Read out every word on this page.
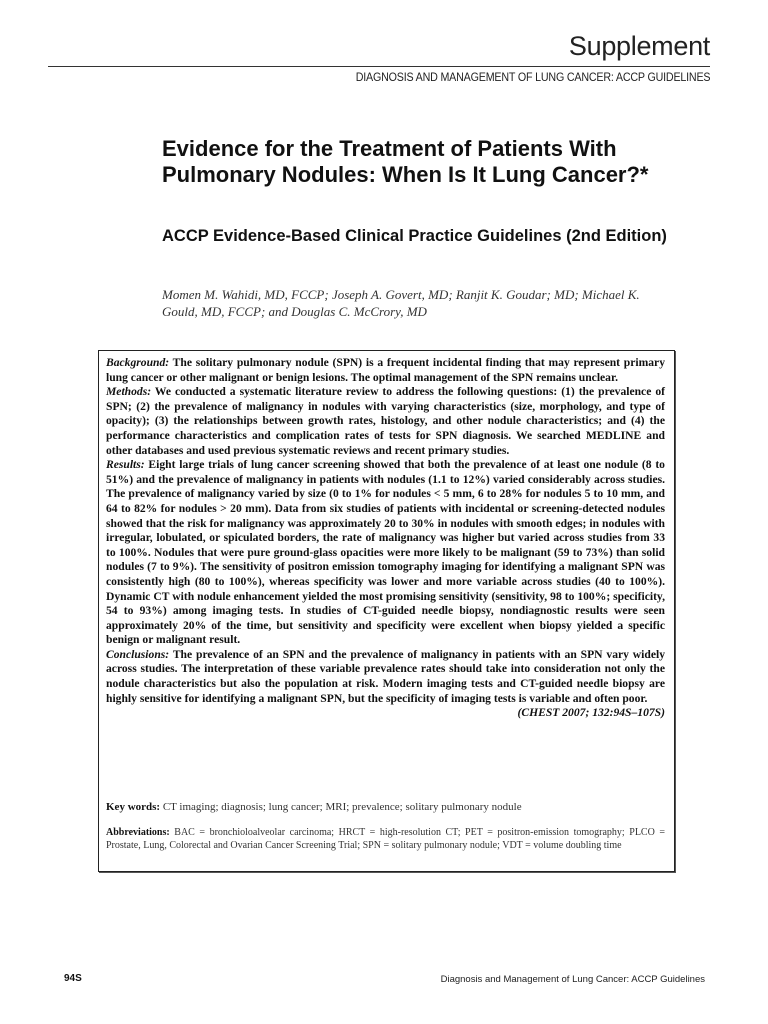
Supplement
DIAGNOSIS AND MANAGEMENT OF LUNG CANCER: ACCP GUIDELINES
Evidence for the Treatment of Patients With Pulmonary Nodules: When Is It Lung Cancer?*
ACCP Evidence-Based Clinical Practice Guidelines (2nd Edition)
Momen M. Wahidi, MD, FCCP; Joseph A. Govert, MD; Ranjit K. Goudar; MD; Michael K. Gould, MD, FCCP; and Douglas C. McCrory, MD

Background: The solitary pulmonary nodule (SPN) is a frequent incidental finding that may represent primary lung cancer or other malignant or benign lesions. The optimal management of the SPN remains unclear.

Methods: We conducted a systematic literature review to address the following questions: (1) the prevalence of SPN; (2) the prevalence of malignancy in nodules with varying characteristics (size, morphology, and type of opacity); (3) the relationships between growth rates, histology, and other nodule characteristics; and (4) the performance characteristics and complication rates of tests for SPN diagnosis. We searched MEDLINE and other databases and used previous systematic reviews and recent primary studies.

Results: Eight large trials of lung cancer screening showed that both the prevalence of at least one nodule (8 to 51%) and the prevalence of malignancy in patients with nodules (1.1 to 12%) varied considerably across studies. The prevalence of malignancy varied by size (0 to 1% for nodules < 5 mm, 6 to 28% for nodules 5 to 10 mm, and 64 to 82% for nodules > 20 mm). Data from six studies of patients with incidental or screening-detected nodules showed that the risk for malignancy was approximately 20 to 30% in nodules with smooth edges; in nodules with irregular, lobulated, or spiculated borders, the rate of malignancy was higher but varied across studies from 33 to 100%. Nodules that were pure ground-glass opacities were more likely to be malignant (59 to 73%) than solid nodules (7 to 9%). The sensitivity of positron emission tomography imaging for identifying a malignant SPN was consistently high (80 to 100%), whereas specificity was lower and more variable across studies (40 to 100%). Dynamic CT with nodule enhancement yielded the most promising sensitivity (sensitivity, 98 to 100%; specificity, 54 to 93%) among imaging tests. In studies of CT-guided needle biopsy, nondiagnostic results were seen approximately 20% of the time, but sensitivity and specificity were excellent when biopsy yielded a specific benign or malignant result.

Conclusions: The prevalence of an SPN and the prevalence of malignancy in patients with an SPN vary widely across studies. The interpretation of these variable prevalence rates should take into consideration not only the nodule characteristics but also the population at risk. Modern imaging tests and CT-guided needle biopsy are highly sensitive for identifying a malignant SPN, but the specificity of imaging tests is variable and often poor.
(CHEST 2007; 132:94S–107S)

Key words: CT imaging; diagnosis; lung cancer; MRI; prevalence; solitary pulmonary nodule
Abbreviations: BAC = bronchioloalveolar carcinoma; HRCT = high-resolution CT; PET = positron-emission tomography; PLCO = Prostate, Lung, Colorectal and Ovarian Cancer Screening Trial; SPN = solitary pulmonary nodule; VDT = volume doubling time
94S	Diagnosis and Management of Lung Cancer: ACCP Guidelines
